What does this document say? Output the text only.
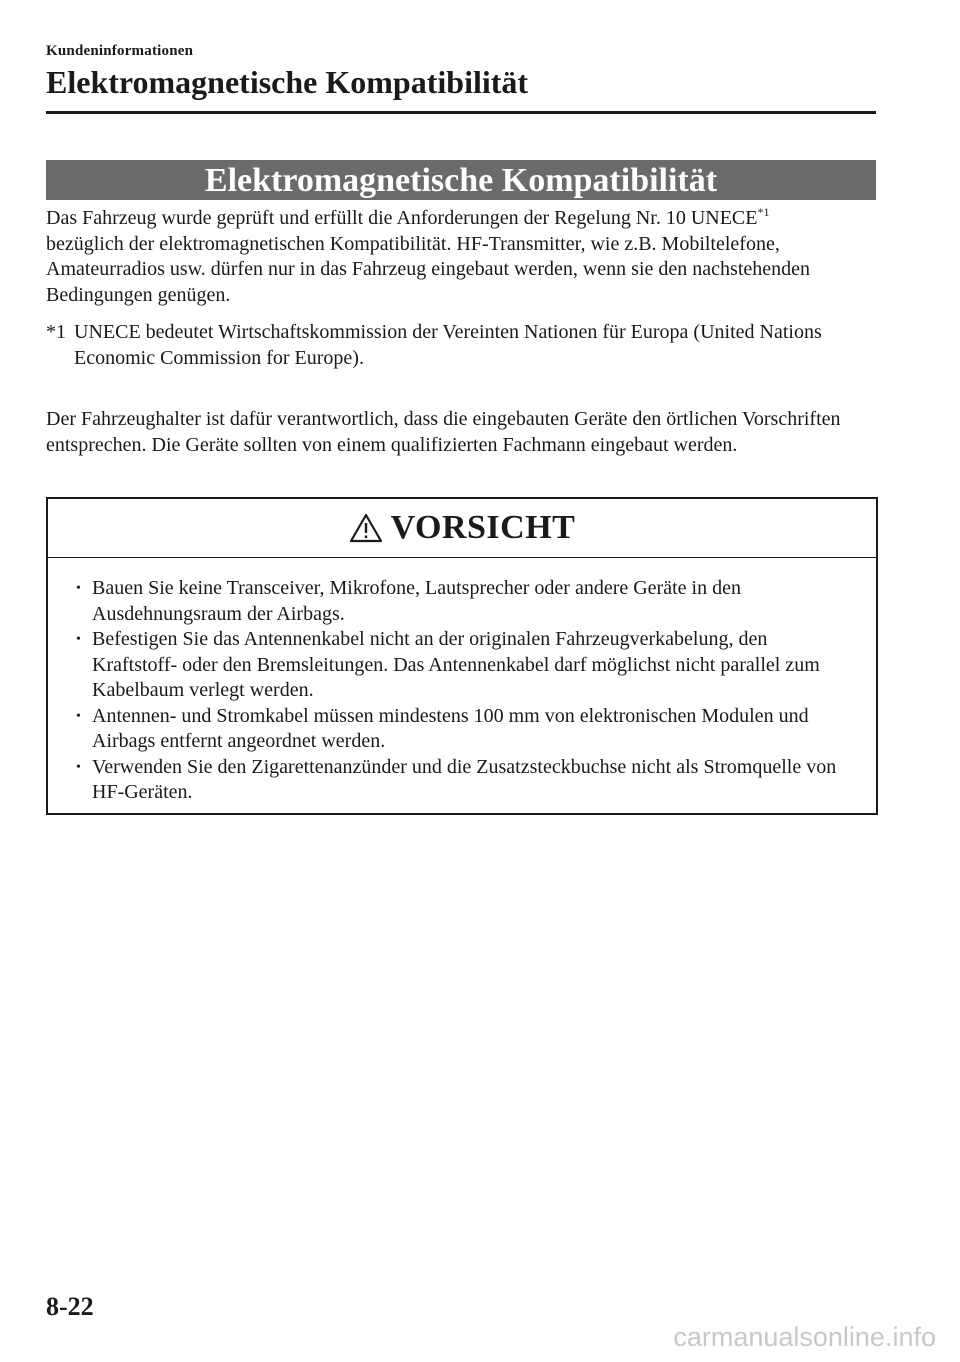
Kundeninformationen
Elektromagnetische Kompatibilität
Elektromagnetische Kompatibilität
Das Fahrzeug wurde geprüft und erfüllt die Anforderungen der Regelung Nr. 10 UNECE$^{*1}$
bezüglich der elektromagnetischen Kompatibilität. HF-Transmitter, wie z.B. Mobiltelefone, Amateurradios usw. dürfen nur in das Fahrzeug eingebaut werden, wenn sie den nachstehenden Bedingungen genügen.
*1 UNECE bedeutet Wirtschaftskommission der Vereinten Nationen für Europa (United Nations Economic Commission for Europe).
Der Fahrzeughalter ist dafür verantwortlich, dass die eingebauten Geräte den örtlichen Vorschriften entsprechen. Die Geräte sollten von einem qualifizierten Fachmann eingebaut werden.
VORSICHT
• Bauen Sie keine Transceiver, Mikrofone, Lautsprecher oder andere Geräte in den Ausdehnungsraum der Airbags.
• Befestigen Sie das Antennenkabel nicht an der originalen Fahrzeugverkabelung, den Kraftstoff- oder den Bremsleitungen. Das Antennenkabel darf möglichst nicht parallel zum Kabelbaum verlegt werden.
• Antennen- und Stromkabel müssen mindestens 100 mm von elektronischen Modulen und Airbags entfernt angeordnet werden.
• Verwenden Sie den Zigarettenanzünder und die Zusatzsteckbuchse nicht als Stromquelle von HF-Geräten.
8-22
carmanualsonline.info
